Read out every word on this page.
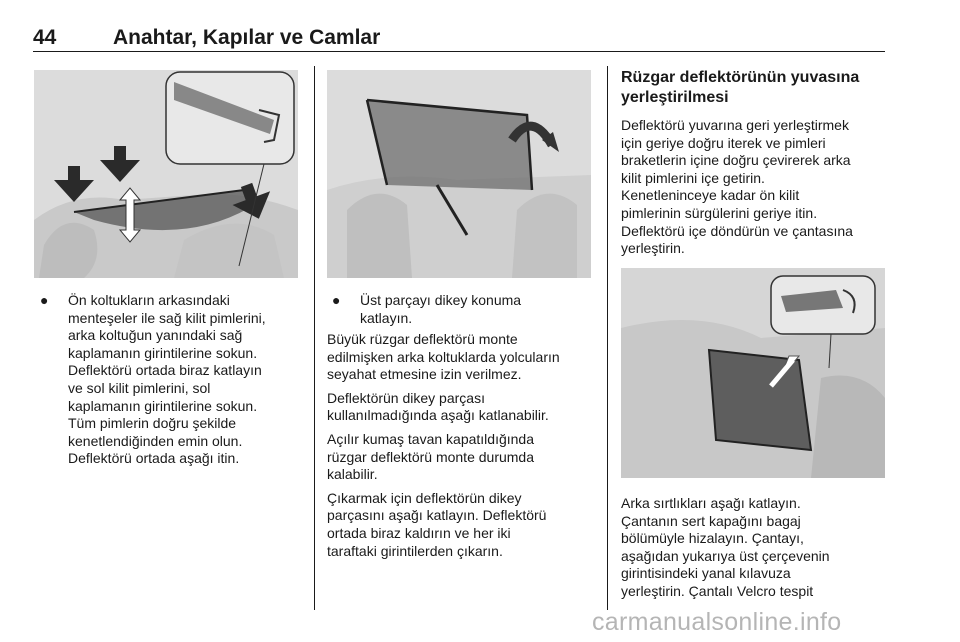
44	Anahtar, Kapılar ve Camlar
● Ön koltukların arkasındaki
menteşeler ile sağ kilit pimlerini,
arka koltuğun yanındaki sağ
kaplamanın girintilerine sokun.
Deflektörü ortada biraz katlayın
ve sol kilit pimlerini, sol
kaplamanın girintilerine sokun.
Tüm pimlerin doğru şekilde
kenetlendiğinden emin olun.
Deflektörü ortada aşağı itin.
● Üst parçayı dikey konuma
katlayın.

Büyük rüzgar deflektörü monte
edilmişken arka koltuklarda yolcuların
seyahat etmesine izin verilmez.

Deflektörün dikey parçası
kullanılmadığında aşağı katlanabilir.

Açılır kumaş tavan kapatıldığında
rüzgar deflektörü monte durumda
kalabilir.

Çıkarmak için deflektörün dikey
parçasını aşağı katlayın. Deflektörü
ortada biraz kaldırın ve her iki
taraftaki girintilerden çıkarın.

Rüzgar deflektörünün yuvasına
yerleştirilmesi
Deflektörü yuvarına geri yerleştirmek
için geriye doğru iterek ve pimleri
braketlerin içine doğru çevirerek arka
kilit pimlerini içe getirin.
Kenetleninceye kadar ön kilit
pimlerinin sürgülerini geriye itin.
Deflektörü içe döndürün ve çantasına
yerleştirin.
Arka sırtlıkları aşağı katlayın.
Çantanın sert kapağını bagaj
bölümüyle hizalayın. Çantayı,
aşağıdan yukarıya üst çerçevenin
girintisindeki yanal kılavuza
yerleştirin. Çantalı Velcro tespit
carmanualsonline.info
